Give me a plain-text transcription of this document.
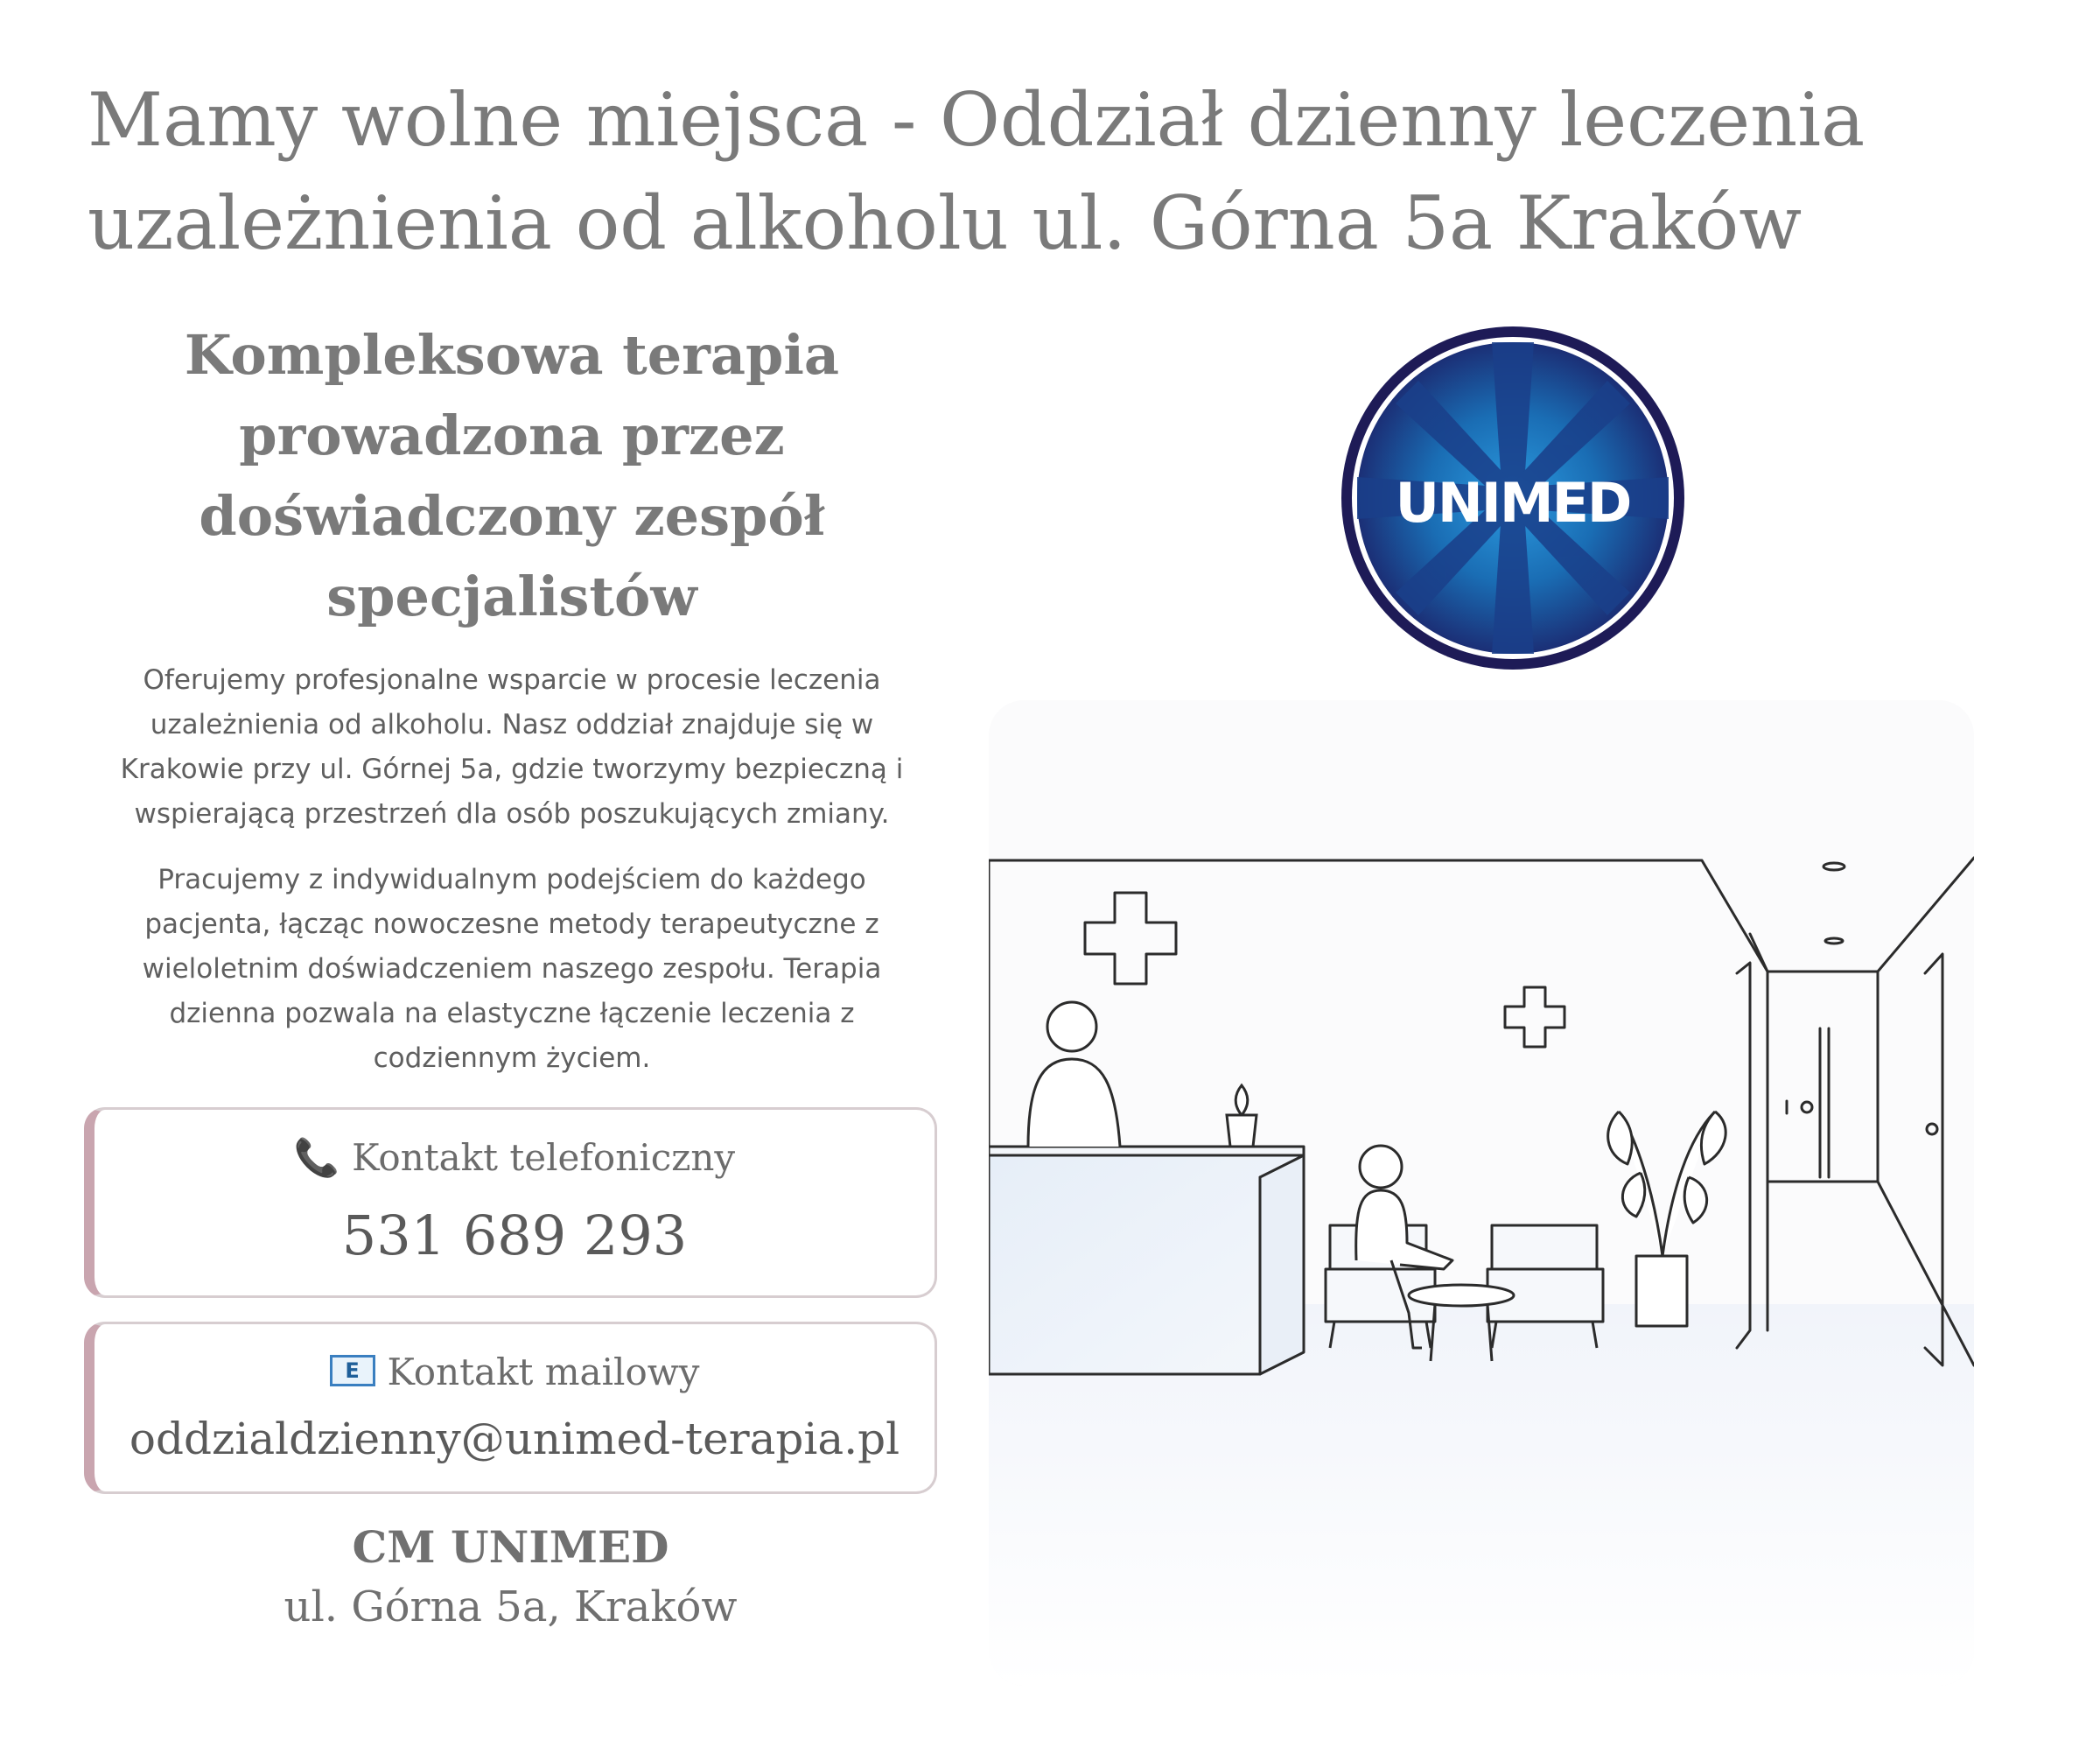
Mamy wolne miejsca - Oddział dzienny leczenia uzależnienia od alkoholu ul. Górna 5a Kraków
Kompleksowa terapia prowadzona przez doświadczony zespół specjalistów

Oferujemy profesjonalne wsparcie w procesie leczenia uzależnienia od alkoholu. Nasz oddział znajduje się w Krakowie przy ul. Górnej 5a, gdzie tworzymy bezpieczną i wspierającą przestrzeń dla osób poszukujących zmiany.

Pracujemy z indywidualnym podejściem do każdego pacjenta, łącząc nowoczesne metody terapeutyczne z wieloletnim doświadczeniem naszego zespołu. Terapia dzienna pozwala na elastyczne łączenie leczenia z codziennym życiem.

📞 Kontakt telefoniczny
531 689 293
E Kontakt mailowy
oddzialdzienny@unimed-terapia.pl
CM UNIMED
ul. Górna 5a, Kraków
UNIMED
